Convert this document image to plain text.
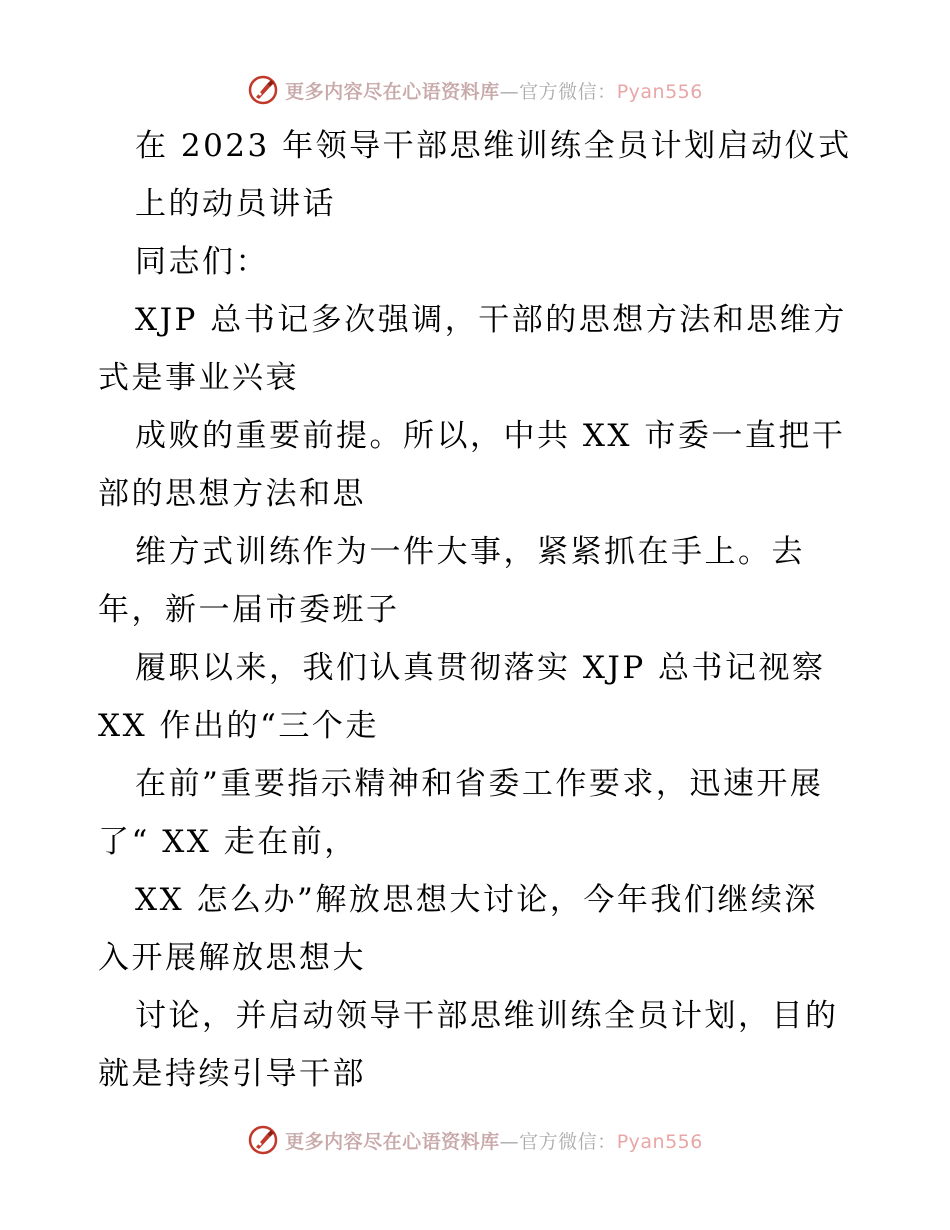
更多内容尽在心语资料库—官方微信：Pyan556
在 2023 年领导干部思维训练全员计划启动仪式
上的动员讲话
同志们：
XJP 总书记多次强调，干部的思想方法和思维方
式是事业兴衰
成败的重要前提。所以，中共 XX 市委一直把干
部的思想方法和思
维方式训练作为一件大事，紧紧抓在手上。去
年，新一届市委班子
履职以来，我们认真贯彻落实 XJP 总书记视察
XX 作出的“三个走
在前”重要指示精神和省委工作要求，迅速开展
了“ XX 走在前，
XX 怎么办”解放思想大讨论，今年我们继续深
入开展解放思想大
讨论，并启动领导干部思维训练全员计划，目的
就是持续引导干部
更多内容尽在心语资料库—官方微信：Pyan556
